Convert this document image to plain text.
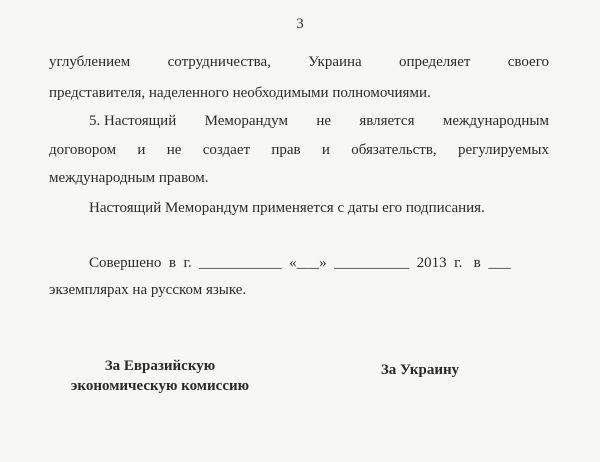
3
углублением сотрудничества, Украина определяет своего
представителя, наделенного необходимыми полномочиями.
5. Настоящий Меморандум не является международным
договором и не создает прав и обязательств, регулируемых
международным правом.
Настоящий Меморандум применяется с даты его подписания.
Совершено  в  г.  ___________  «___»  __________  2013  г.   в  ___
экземплярах на русском языке.
За Евразийскую
экономическую комиссию
За Украину
